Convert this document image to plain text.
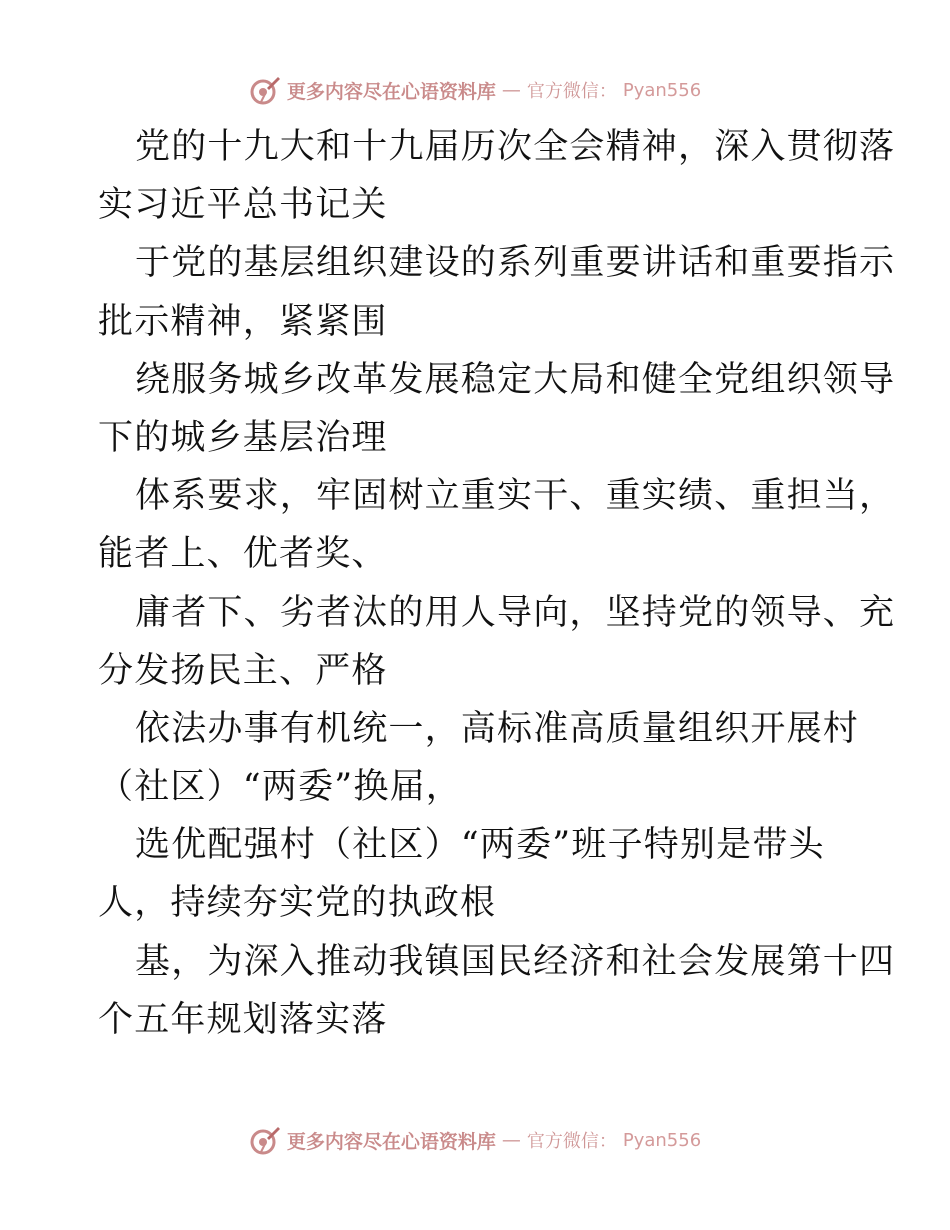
更多内容尽在心语资料库 — 官方微信： Pyan556
党的十九大和十九届历次全会精神，深入贯彻落
实习近平总书记关
于党的基层组织建设的系列重要讲话和重要指示
批示精神，紧紧围
绕服务城乡改革发展稳定大局和健全党组织领导
下的城乡基层治理
体系要求，牢固树立重实干、重实绩、重担当，
能者上、优者奖、
庸者下、劣者汰的用人导向，坚持党的领导、充
分发扬民主、严格
依法办事有机统一，高标准高质量组织开展村
（社区）“两委”换届，
选优配强村（社区）“两委”班子特别是带头
人，持续夯实党的执政根
基，为深入推动我镇国民经济和社会发展第十四
个五年规划落实落
更多内容尽在心语资料库 — 官方微信： Pyan556
